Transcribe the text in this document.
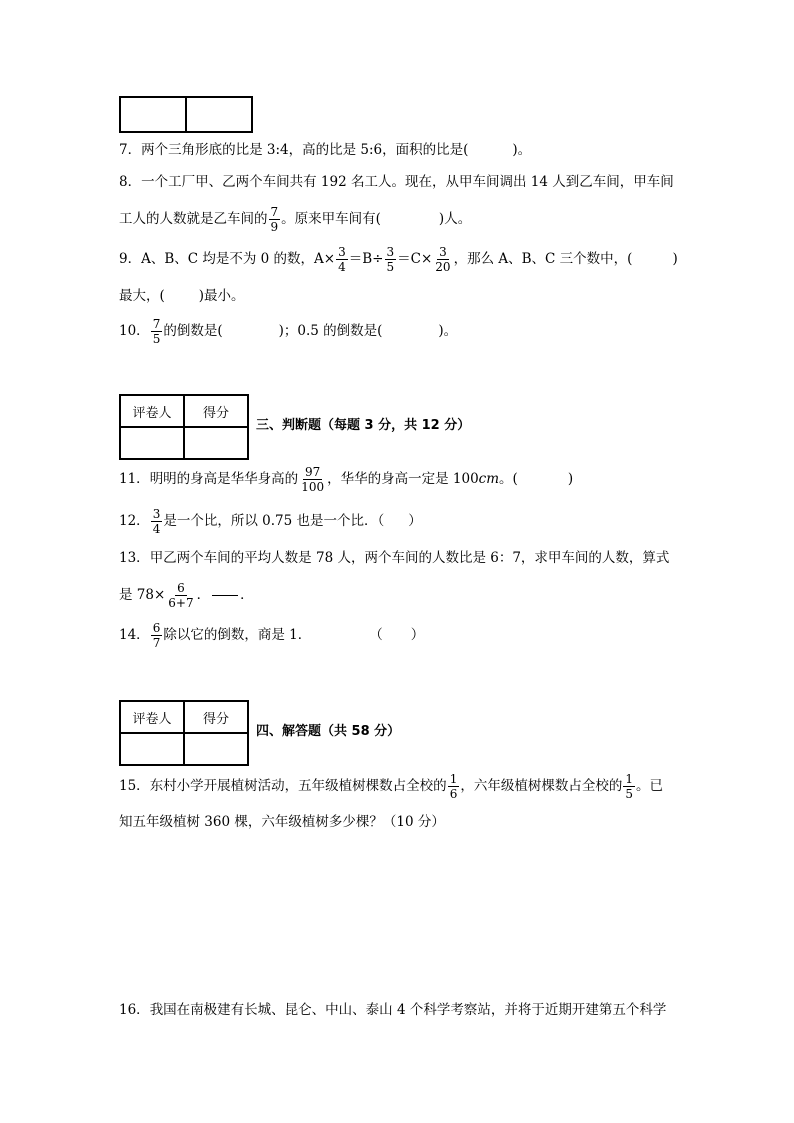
7．两个三角形底的比是 3:4，高的比是 5:6，面积的比是(	)。
8．一个工厂甲、乙两个车间共有 192 名工人。现在，从甲车间调出 14 人到乙车间，甲车间
工人的人数就是乙车间的 $\frac{7}{9}$ 。原来甲车间有(	)人。
9．A、B、C 均是不为 0 的数，$A\times \frac{3}{4} =B\div \frac{3}{5} =C\times \frac{3}{20}$ ，那么 A、B、C 三个数中，(	)
最大，(	)最小。
10． $\frac{7}{5}$ 的倒数是(	)；0.5 的倒数是(	)。
评卷人	得分

三、判断题（每题 3 分，共 12 分）
11．明明的身高是华华身高的 $\frac{97}{100}$ ，华华的身高一定是 100cm。(	)
12． $\frac{3}{4}$ 是一个比，所以 0.75 也是一个比．（ ）
13．甲乙两个车间的平均人数是 78 人，两个车间的人数比是 6：7，求甲车间的人数，算式
是 $78\times \frac{6}{6+7}$ ． ．
14． $\frac{6}{7}$ 除以它的倒数，商是 1．	（ ）
评卷人	得分

四、解答题（共 58 分）
15．东村小学开展植树活动，五年级植树棵数占全校的 $\frac{1}{6}$ ，六年级植树棵数占全校的 $\frac{1}{5}$ 。已
知五年级植树 360 棵，六年级植树多少棵？（10 分）
16．我国在南极建有长城、昆仑、中山、泰山 4 个科学考察站，并将于近期开建第五个科学
